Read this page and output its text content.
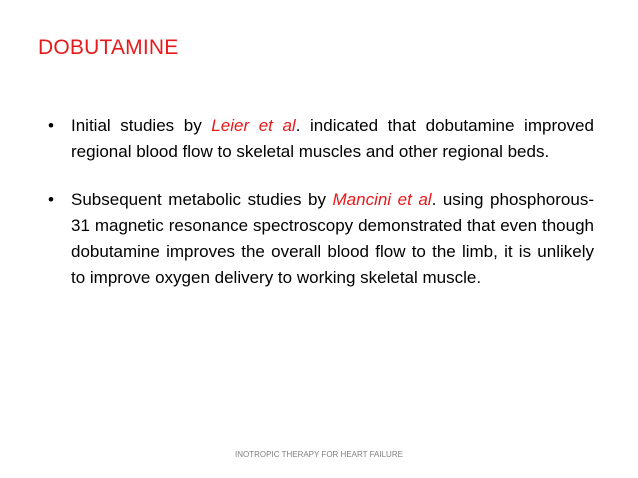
DOBUTAMINE
• Initial studies by Leier et al. indicated that dobutamine improved regional blood flow to skeletal muscles and other regional beds.
• Subsequent metabolic studies by Mancini et al. using phosphorous-31 magnetic resonance spectroscopy demonstrated that even though dobutamine improves the overall blood flow to the limb, it is unlikely to improve oxygen delivery to working skeletal muscle.
INOTROPIC THERAPY FOR HEART FAILURE
